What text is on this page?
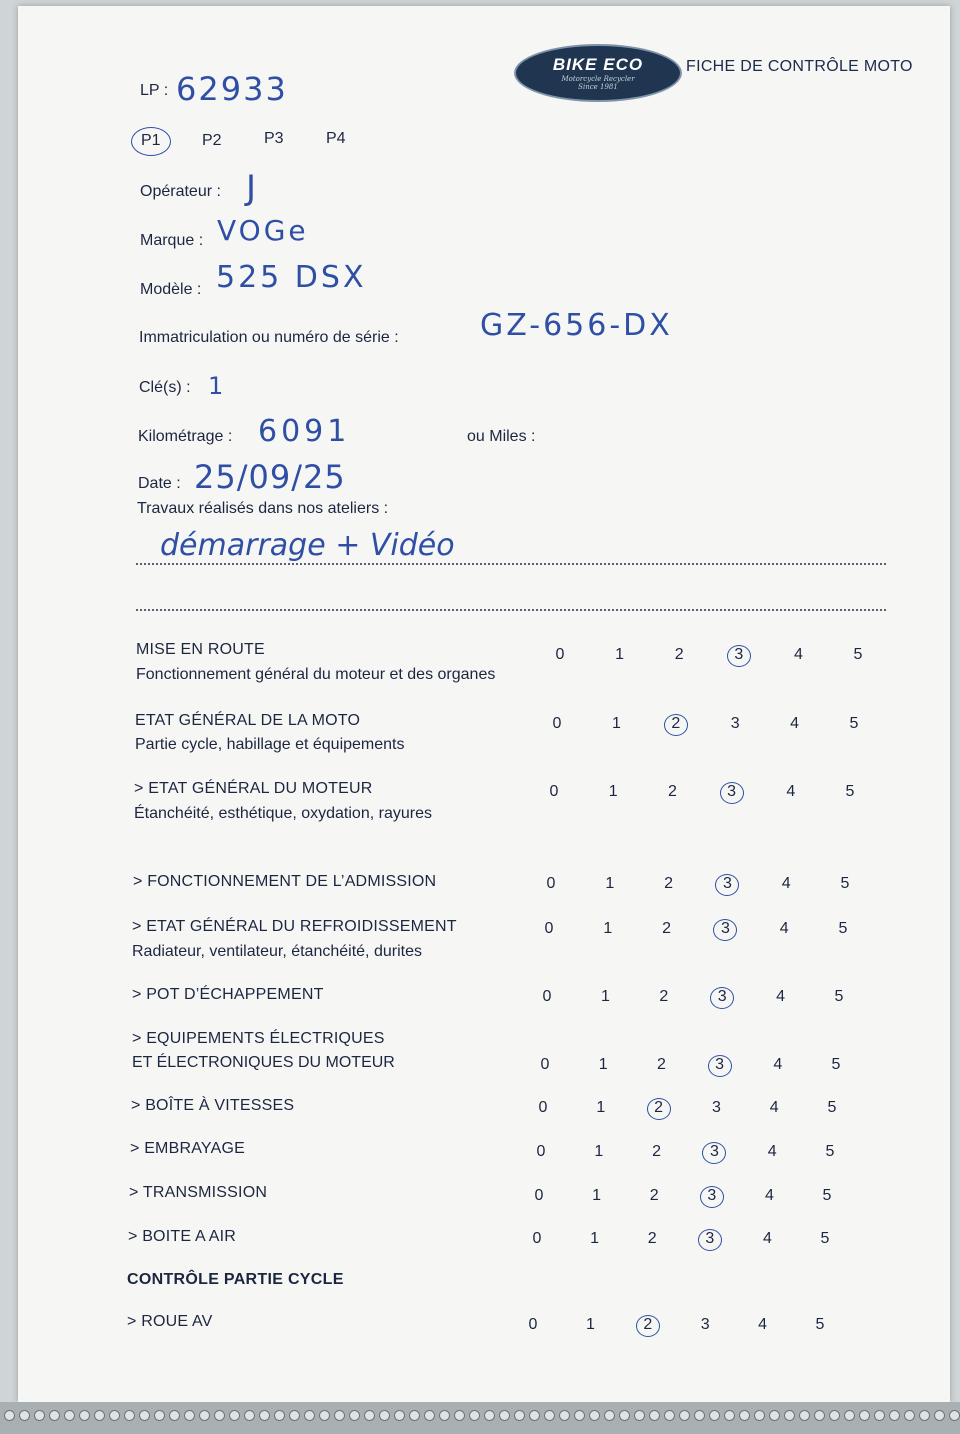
BIKE ECO
Motorcycle Recycler
Since 1981
FICHE DE CONTRÔLE MOTO
LP : 62933
P1	P2	P3	P4
Opérateur : J
Marque : VOGe
Modèle : 525 DSX
Immatriculation ou numéro de série :	GZ-656-DX
Clé(s) : 1
Kilométrage : 6091	ou Miles :
Date : 25/09/25
Travaux réalisés dans nos ateliers :
démarrage + Vidéo
MISE EN ROUTE
Fonctionnement général du moteur et des organes
0	1	2	3	4	5
ETAT GÉNÉRAL DE LA MOTO
Partie cycle, habillage et équipements
0	1	2	3	4	5
> ETAT GÉNÉRAL DU MOTEUR
Étanchéité, esthétique, oxydation, rayures
0	1	2	3	4	5
> FONCTIONNEMENT DE L’ADMISSION	0	1	2	3	4	5
> ETAT GÉNÉRAL DU REFROIDISSEMENT
Radiateur, ventilateur, étanchéité, durites
0	1	2	3	4	5
> POT D’ÉCHAPPEMENT	0	1	2	3	4	5
> EQUIPEMENTS ÉLECTRIQUES
ET ÉLECTRONIQUES DU MOTEUR	0	1	2	3	4	5
> BOÎTE À VITESSES	0	1	2	3	4	5
> EMBRAYAGE	0	1	2	3	4	5
> TRANSMISSION	0	1	2	3	4	5
> BOITE A AIR	0	1	2	3	4	5
> ROUE AV	0	1	2	3	4	5
CONTRÔLE PARTIE CYCLE
